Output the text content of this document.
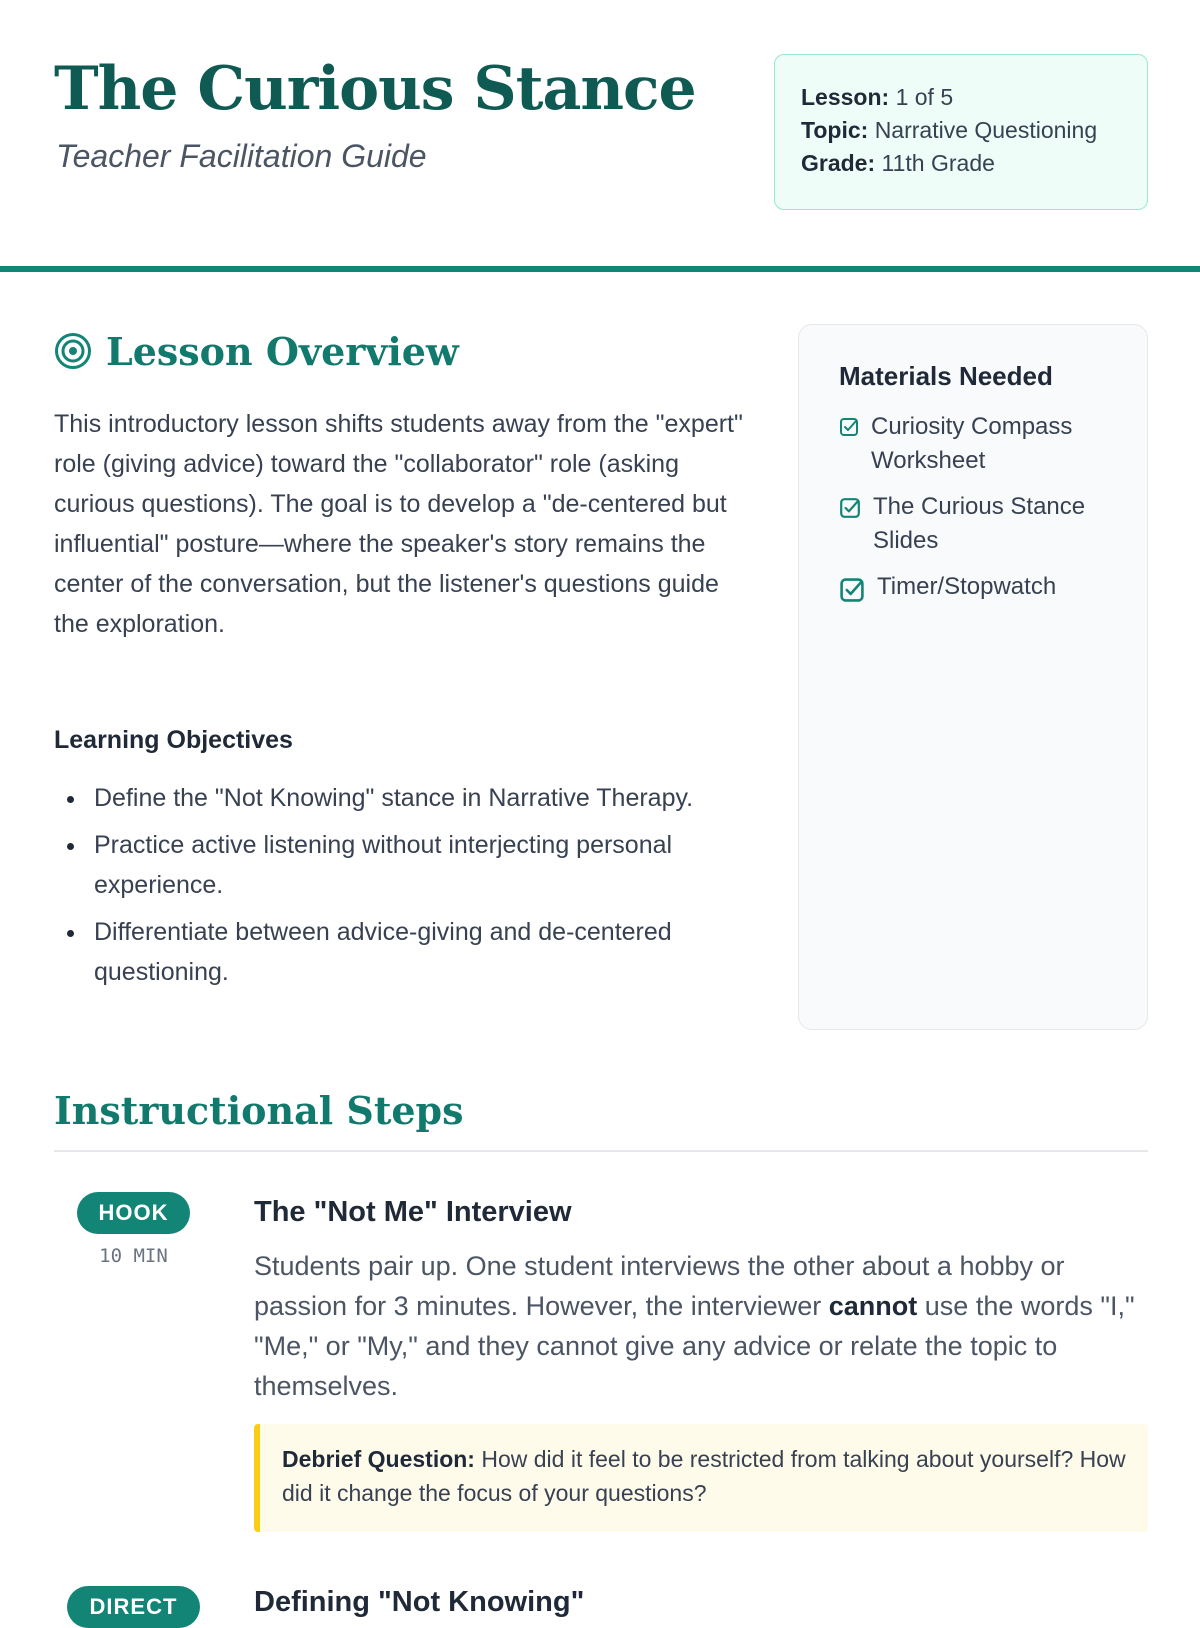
The Curious Stance
Teacher Facilitation Guide
Lesson: 1 of 5
Topic: Narrative Questioning
Grade: 11th Grade
Lesson Overview

This introductory lesson shifts students away from the "expert" role (giving advice) toward the "collaborator" role (asking curious questions). The goal is to develop a "de-centered but influential" posture—where the speaker's story remains the center of the conversation, but the listener's questions guide the exploration.

Learning Objectives
Define the "Not Knowing" stance in Narrative Therapy.
Practice active listening without interjecting personal experience.
Differentiate between advice-giving and de-centered questioning.
Materials Needed
Curiosity Compass Worksheet
The Curious Stance Slides
Timer/Stopwatch
Instructional Steps
HOOK
10 MIN
The "Not Me" Interview

Students pair up. One student interviews the other about a hobby or passion for 3 minutes. However, the interviewer cannot use the words "I," "Me," or "My," and they cannot give any advice or relate the topic to themselves.

Debrief Question: How did it feel to be restricted from talking about yourself? How did it change the focus of your questions?
DIRECT	Defining "Not Knowing"
